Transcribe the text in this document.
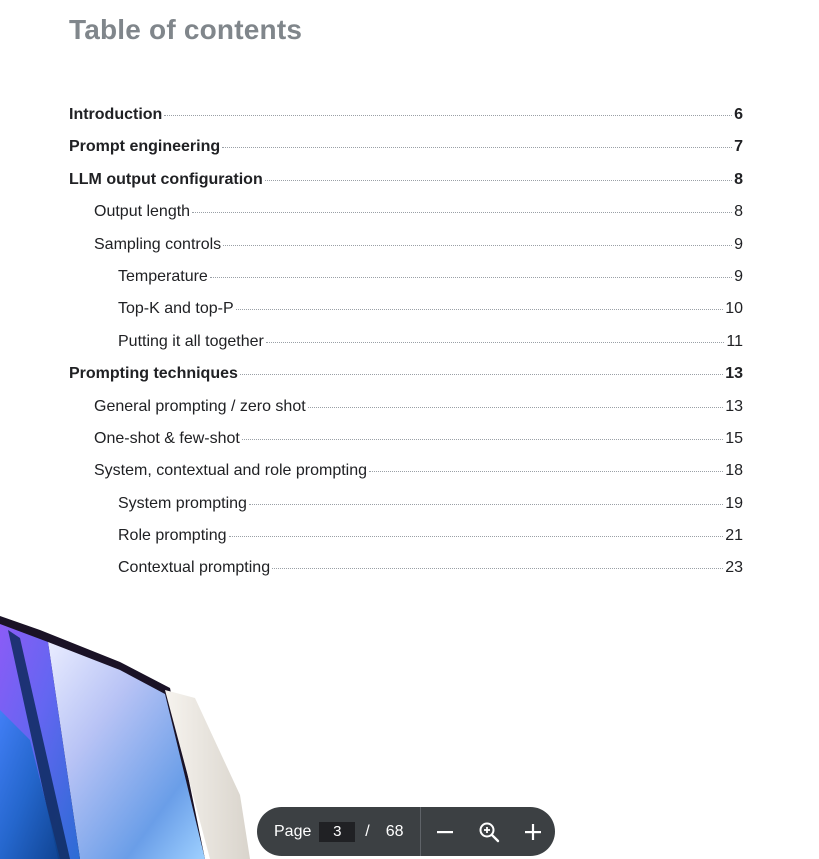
Table of contents
Introduction	6
Prompt engineering	7
LLM output configuration	8
Output length	8
Sampling controls	9
Temperature	9
Top-K and top-P	10
Putting it all together	11
Prompting techniques	13
General prompting / zero shot	13
One-shot & few-shot	15
System, contextual and role prompting	18
System prompting	19
Role prompting	21
Contextual prompting	23
Page	3	/ 68
